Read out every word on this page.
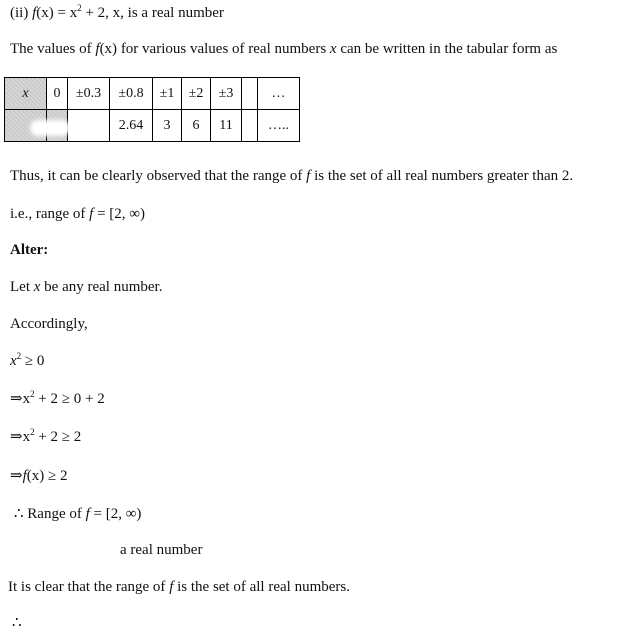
(ii) $f(x) = x^2 + 2$, x, is a real number
The values of f(x) for various values of real numbers x can be written in the tabular form as
x	0	±0.3	±0.8	±1	±2	±3		…
			2.64	3	6	11		…..
Thus, it can be clearly observed that the range of f is the set of all real numbers greater than 2.
i.e., range of f = [2, ∞)
Alter:
Let x be any real number.
Accordingly,
$x^2 \ge 0$
$\Rightarrow x^2 + 2 \ge 0 + 2$
$\Rightarrow x^2 + 2 \ge 2$
⇒f(x) ≥ 2
∴ Range of f = [2, ∞)
a real number
It is clear that the range of f is the set of all real numbers.
∴
